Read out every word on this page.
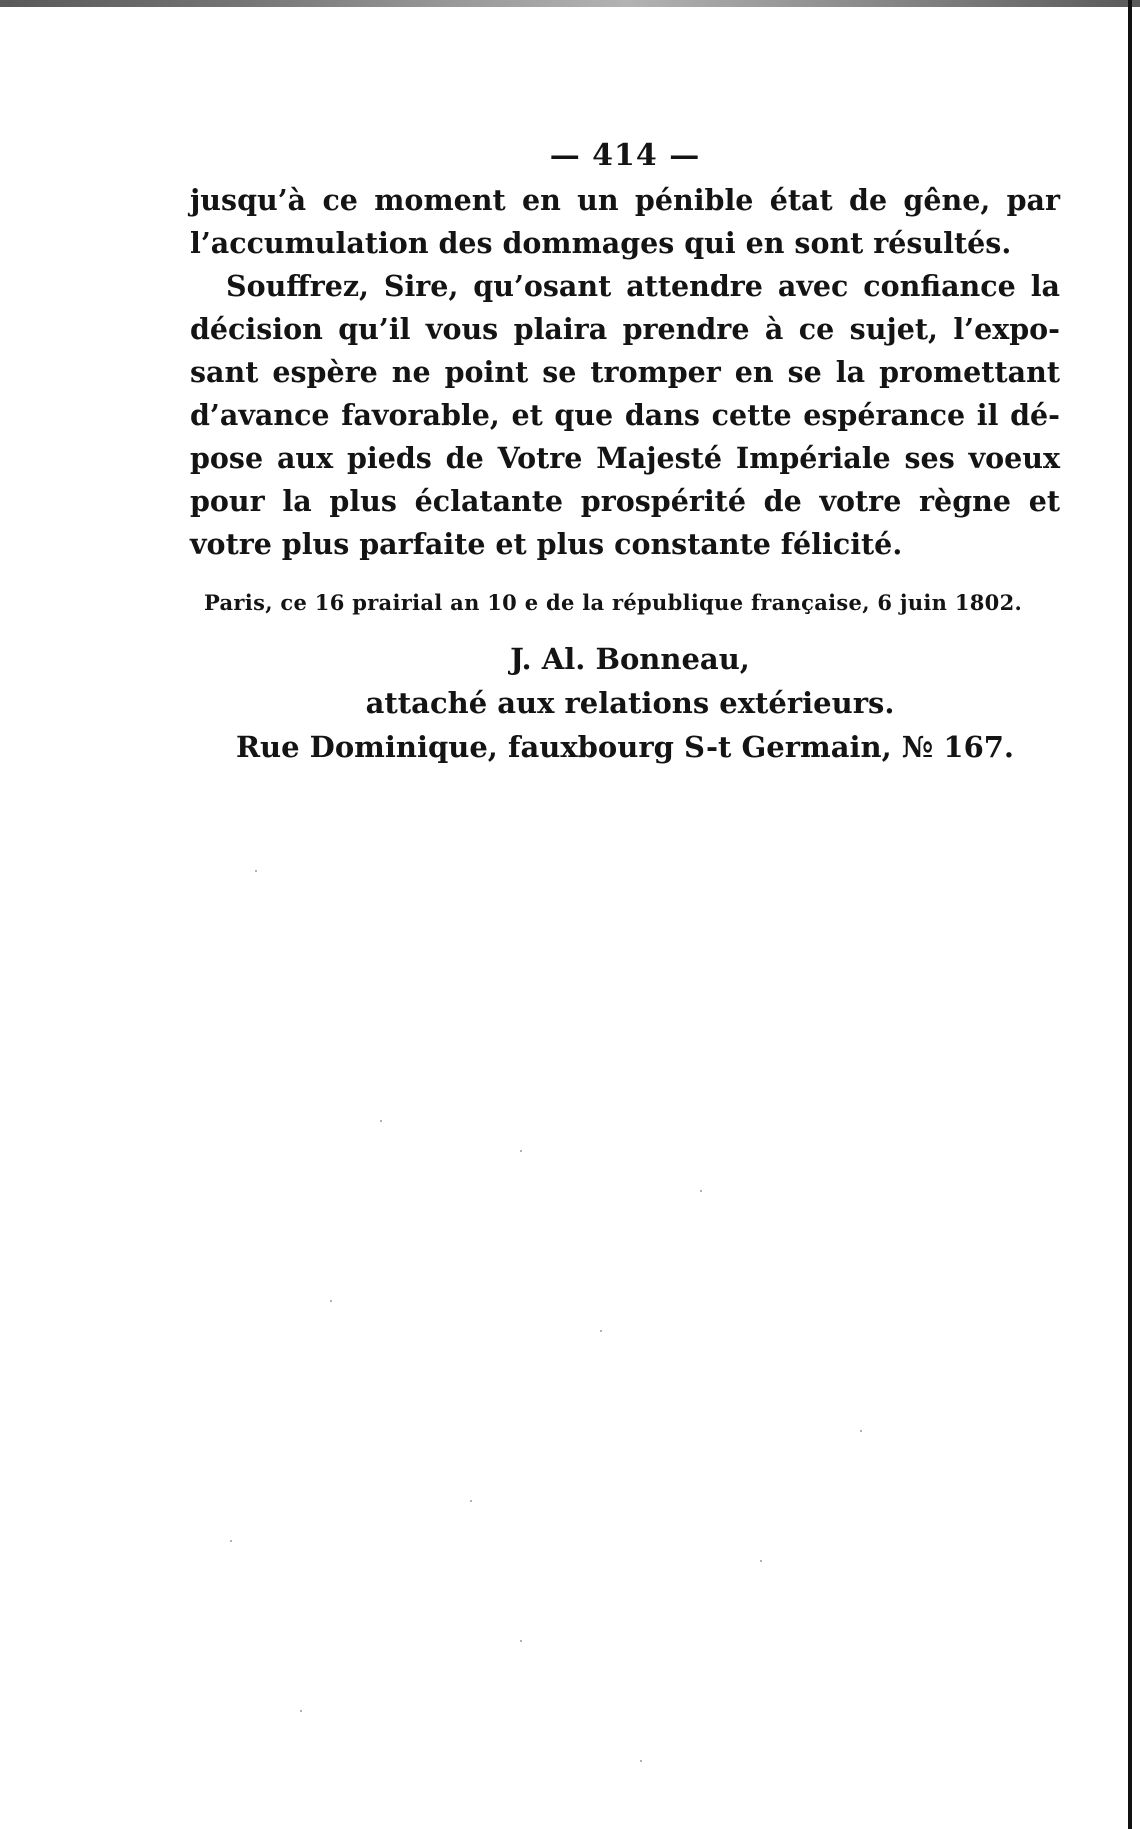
— 414 —

jusqu’à ce moment en un pénible état de gêne, par
l’accumulation des dommages qui en sont résultés.

Souffrez, Sire, qu’osant attendre avec confiance la
décision qu’il vous plaira prendre à ce sujet, l’expo-
sant espère ne point se tromper en se la promettant
d’avance favorable, et que dans cette espérance il dé-
pose aux pieds de Votre Majesté Impériale ses voeux
pour la plus éclatante prospérité de votre règne et
votre plus parfaite et plus constante félicité.

Paris, ce 16 prairial an 10 e de la république française, 6 juin 1802.
J. Al. Bonneau,
attaché aux relations extérieurs.
Rue Dominique, fauxbourg S-t Germain, № 167.
